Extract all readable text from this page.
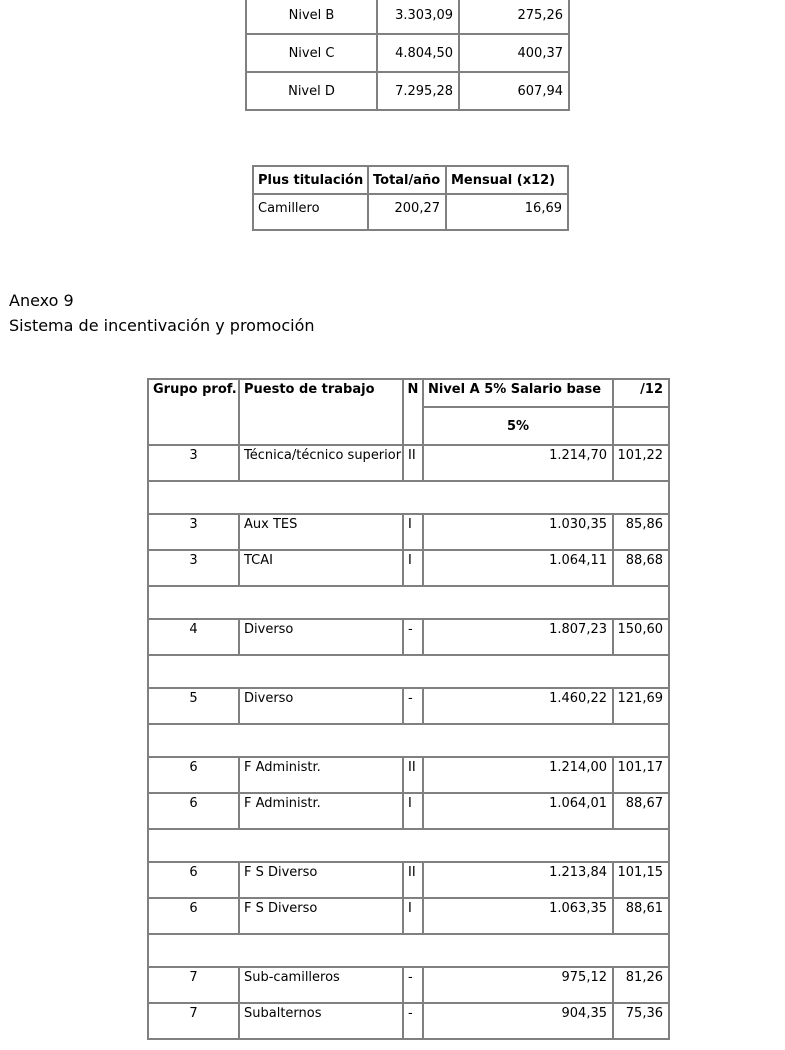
Nivel B	3.303,09	275,26
Nivel C	4.804,50	400,37
Nivel D	7.295,28	607,94
Plus titulación	Total/año	Mensual (x12)
Camillero	200,27	16,69
Anexo 9
Sistema de incentivación y promoción
Grupo prof.	Puesto de trabajo	N	Nivel A 5% Salario base	/12
			5%	
3	Técnica/técnico superior	II	1.214,70	101,22

3	Aux TES	I	1.030,35	85,86
3	TCAI	I	1.064,11	88,68

4	Diverso	-	1.807,23	150,60

5	Diverso	-	1.460,22	121,69

6	F Administr.	II	1.214,00	101,17
6	F Administr.	I	1.064,01	88,67

6	F S Diverso	II	1.213,84	101,15
6	F S Diverso	I	1.063,35	88,61

7	Sub-camilleros	-	975,12	81,26
7	Subalternos	-	904,35	75,36
